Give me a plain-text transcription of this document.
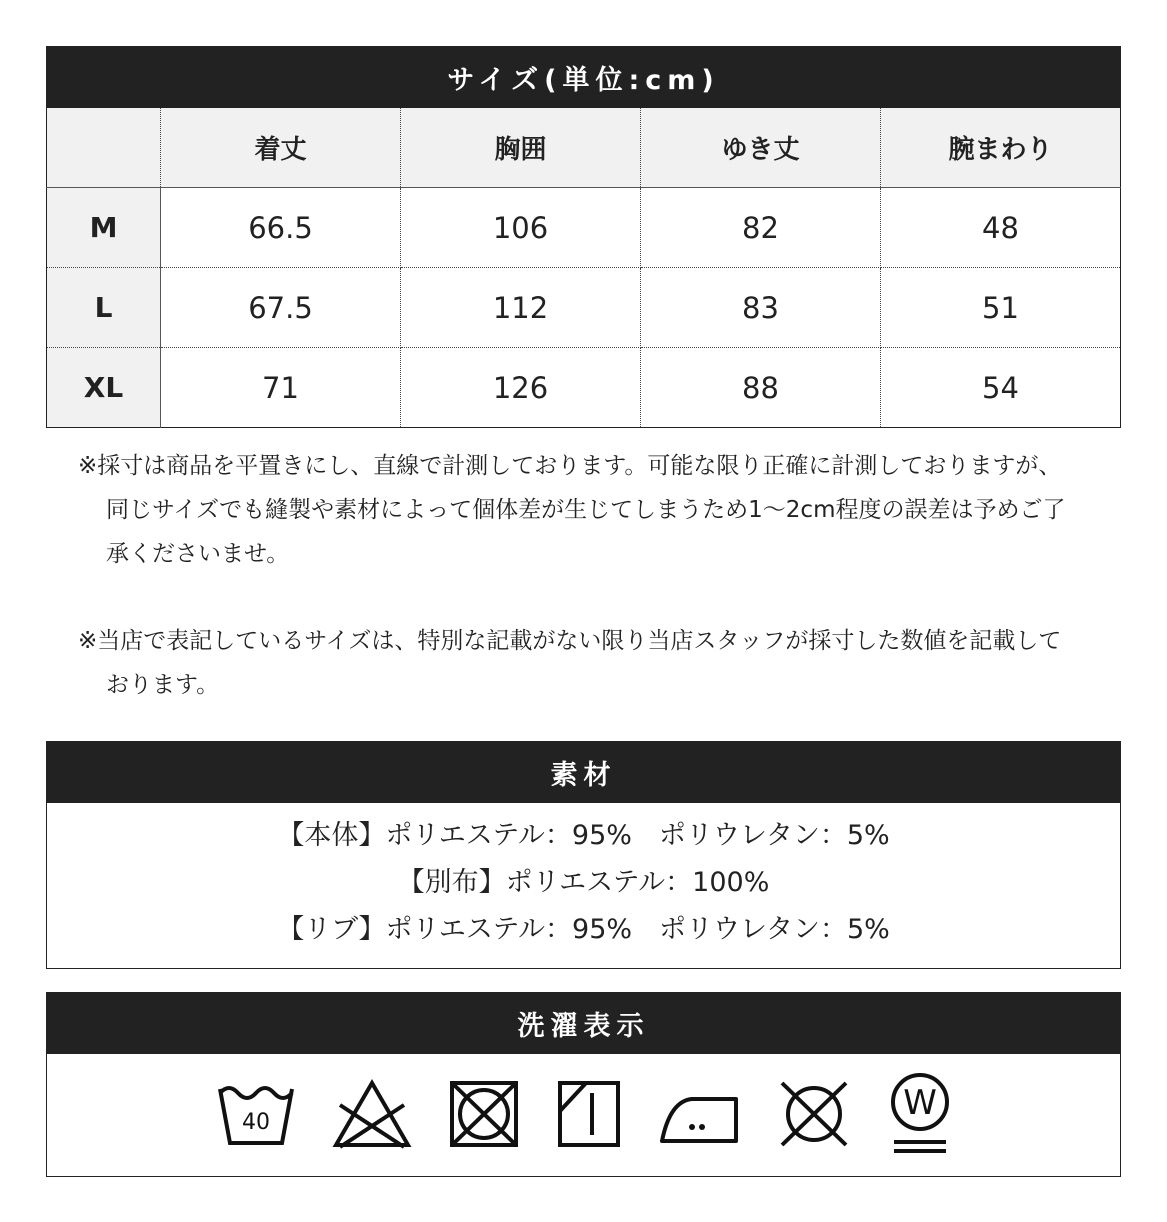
サイズ(単位:cm)
	着丈	胸囲	ゆき丈	腕まわり
M	66.5	106	82	48
L	67.5	112	83	51
XL	71	126	88	54

※採寸は商品を平置きにし、直線で計測しております。可能な限り正確に計測しておりますが、同じサイズでも縫製や素材によって個体差が生じてしまうため1～2cm程度の誤差は予めご了承くださいませ。

※当店で表記しているサイズは、特別な記載がない限り当店スタッフが採寸した数値を記載しております。

素材
【本体】ポリエステル：95%　ポリウレタン：5%
【別布】ポリエステル：100%
【リブ】ポリエステル：95%　ポリウレタン：5%
洗濯表示
40	W
